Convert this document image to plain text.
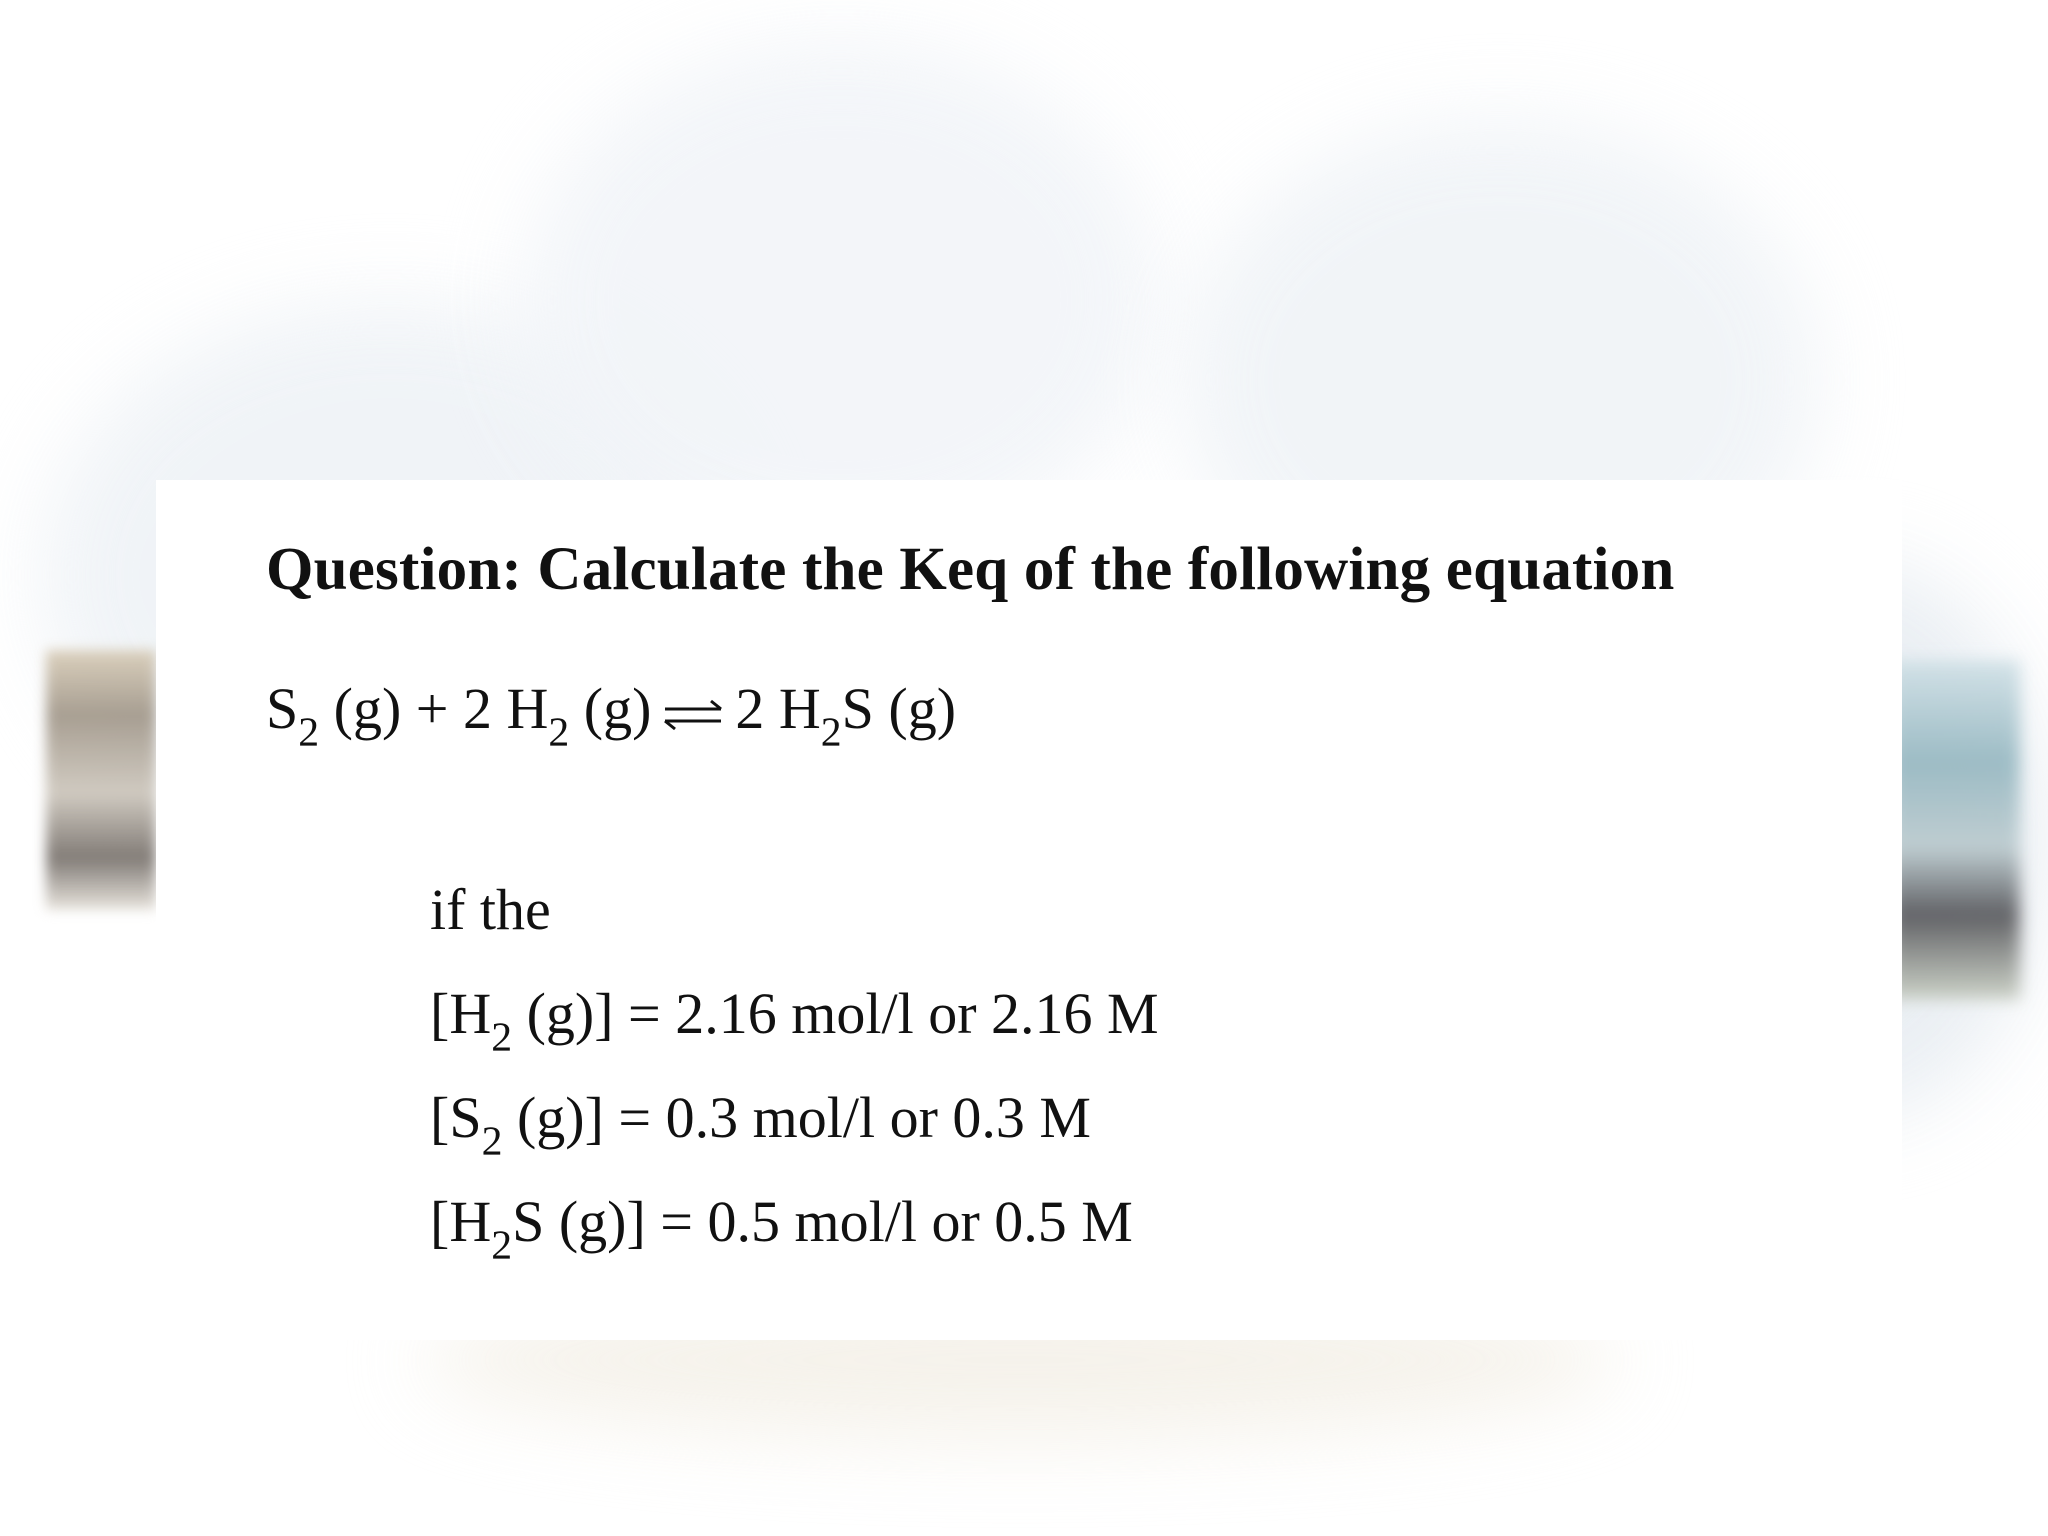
Question: Calculate the Keq of the following equation
$S_2$ (g) + 2 $H_2$ (g) ⇌ 2 $H_2S$ (g)
if the
[$H_2$ (g)] = 2.16 mol/l or 2.16 M
[$S_2$ (g)] = 0.3 mol/l or 0.3 M
[$H_2S$ (g)] = 0.5 mol/l or 0.5 M
